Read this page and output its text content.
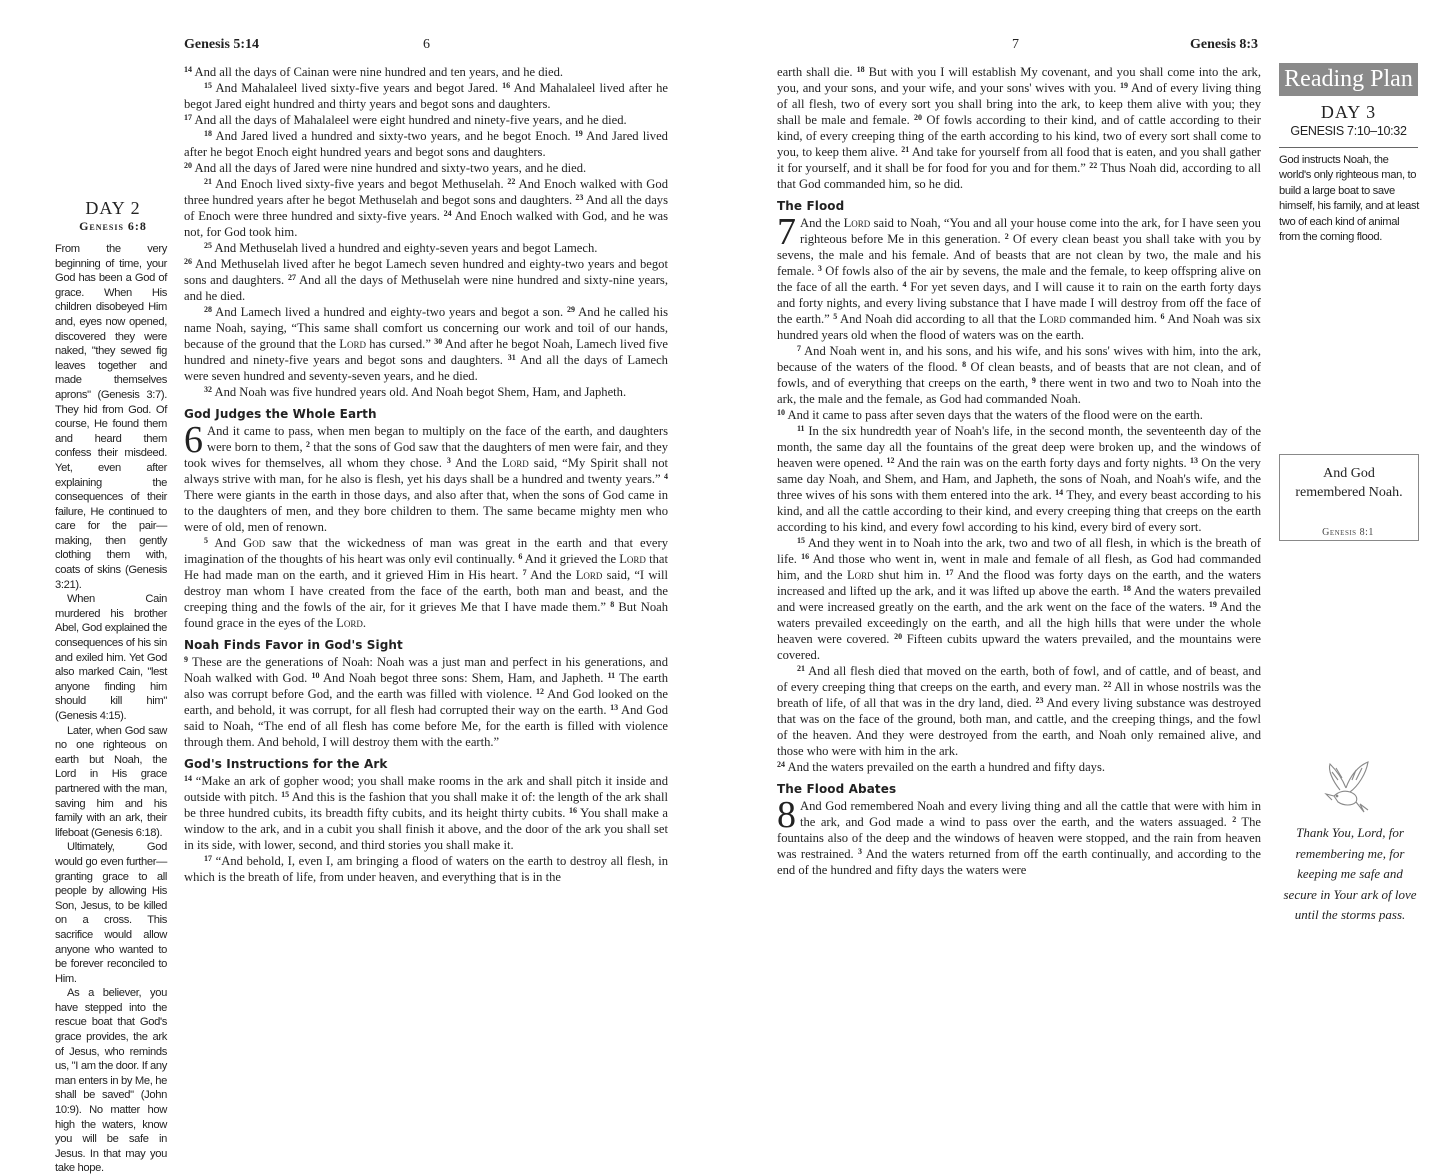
Genesis 5:14	6
DAY 2
Genesis 6:8

From the very beginning of time, your God has been a God of grace. When His children disobeyed Him and, eyes now opened, discovered they were naked, "they sewed fig leaves together and made themselves aprons" (Genesis 3:7). They hid from God. Of course, He found them and heard them confess their misdeed. Yet, even after explaining the consequences of their failure, He continued to care for the pair—making, then gently clothing them with, coats of skins (Genesis 3:21).

When Cain murdered his brother Abel, God explained the consequences of his sin and exiled him. Yet God also marked Cain, "lest anyone finding him should kill him" (Genesis 4:15).

Later, when God saw no one righteous on earth but Noah, the Lord in His grace partnered with the man, saving him and his family with an ark, their lifeboat (Genesis 6:18).

Ultimately, God would go even further—granting grace to all people by allowing His Son, Jesus, to be killed on a cross. This sacrifice would allow anyone who wanted to be forever reconciled to Him.

As a believer, you have stepped into the rescue boat that God's grace provides, the ark of Jesus, who reminds us, "I am the door. If any man enters in by Me, he shall be saved" (John 10:9). No matter how high the waters, know you will be safe in Jesus. In that may you take hope.

$^{14}$ And all the days of Cainan were nine hundred and ten years, and he died.

$^{15}$ And Mahalaleel lived sixty-five years and begot Jared. $^{16}$ And Mahalaleel lived after he begot Jared eight hundred and thirty years and begot sons and daughters.

$^{17}$ And all the days of Mahalaleel were eight hundred and ninety-five years, and he died.

$^{18}$ And Jared lived a hundred and sixty-two years, and he begot Enoch. $^{19}$ And Jared lived after he begot Enoch eight hundred years and begot sons and daughters.

$^{20}$ And all the days of Jared were nine hundred and sixty-two years, and he died.

$^{21}$ And Enoch lived sixty-five years and begot Methuselah. $^{22}$ And Enoch walked with God three hundred years after he begot Methuselah and begot sons and daughters. $^{23}$ And all the days of Enoch were three hundred and sixty-five years. $^{24}$ And Enoch walked with God, and he was not, for God took him.

$^{25}$ And Methuselah lived a hundred and eighty-seven years and begot Lamech.

$^{26}$ And Methuselah lived after he begot Lamech seven hundred and eighty-two years and begot sons and daughters. $^{27}$ And all the days of Methuselah were nine hundred and sixty-nine years, and he died.

$^{28}$ And Lamech lived a hundred and eighty-two years and begot a son. $^{29}$ And he called his name Noah, saying, “This same shall comfort us concerning our work and toil of our hands, because of the ground that the Lord has cursed.” $^{30}$ And after he begot Noah, Lamech lived five hundred and ninety-five years and begot sons and daughters. $^{31}$ And all the days of Lamech were seven hundred and seventy-seven years, and he died.

$^{32}$ And Noah was five hundred years old. And Noah begot Shem, Ham, and Japheth.

God Judges the Whole Earth

6 And it came to pass, when men began to multiply on the face of the earth, and daughters were born to them, $^2$ that the sons of God saw that the daughters of men were fair, and they took wives for themselves, all whom they chose. $^3$ And the Lord said, “My Spirit shall not always strive with man, for he also is flesh, yet his days shall be a hundred and twenty years.” $^4$ There were giants in the earth in those days, and also after that, when the sons of God came in to the daughters of men, and they bore children to them. The same became mighty men who were of old, men of renown.

$^5$ And God saw that the wickedness of man was great in the earth and that every imagination of the thoughts of his heart was only evil continually. $^6$ And it grieved the Lord that He had made man on the earth, and it grieved Him in His heart. $^7$ And the Lord said, “I will destroy man whom I have created from the face of the earth, both man and beast, and the creeping thing and the fowls of the air, for it grieves Me that I have made them.” $^8$ But Noah found grace in the eyes of the Lord.

Noah Finds Favor in God's Sight

$^9$ These are the generations of Noah: Noah was a just man and perfect in his generations, and Noah walked with God. $^{10}$ And Noah begot three sons: Shem, Ham, and Japheth. $^{11}$ The earth also was corrupt before God, and the earth was filled with violence. $^{12}$ And God looked on the earth, and behold, it was corrupt, for all flesh had corrupted their way on the earth. $^{13}$ And God said to Noah, “The end of all flesh has come before Me, for the earth is filled with violence through them. And behold, I will destroy them with the earth.”

God's Instructions for the Ark

$^{14}$ “Make an ark of gopher wood; you shall make rooms in the ark and shall pitch it inside and outside with pitch. $^{15}$ And this is the fashion that you shall make it of: the length of the ark shall be three hundred cubits, its breadth fifty cubits, and its height thirty cubits. $^{16}$ You shall make a window to the ark, and in a cubit you shall finish it above, and the door of the ark you shall set in its side, with lower, second, and third stories you shall make it.

$^{17}$ “And behold, I, even I, am bringing a flood of waters on the earth to destroy all flesh, in which is the breath of life, from under heaven, and everything that is in the

7	Genesis 8:3

earth shall die. $^{18}$ But with you I will establish My covenant, and you shall come into the ark, you, and your sons, and your wife, and your sons' wives with you. $^{19}$ And of every living thing of all flesh, two of every sort you shall bring into the ark, to keep them alive with you; they shall be male and female. $^{20}$ Of fowls according to their kind, and of cattle according to their kind, of every creeping thing of the earth according to his kind, two of every sort shall come to you, to keep them alive. $^{21}$ And take for yourself from all food that is eaten, and you shall gather it for yourself, and it shall be for food for you and for them.” $^{22}$ Thus Noah did, according to all that God commanded him, so he did.

The Flood

7 And the Lord said to Noah, “You and all your house come into the ark, for I have seen you righteous before Me in this generation. $^2$ Of every clean beast you shall take with you by sevens, the male and his female. And of beasts that are not clean by two, the male and his female. $^3$ Of fowls also of the air by sevens, the male and the female, to keep offspring alive on the face of all the earth. $^4$ For yet seven days, and I will cause it to rain on the earth forty days and forty nights, and every living substance that I have made I will destroy from off the face of the earth.” $^5$ And Noah did according to all that the Lord commanded him. $^6$ And Noah was six hundred years old when the flood of waters was on the earth.

$^7$ And Noah went in, and his sons, and his wife, and his sons' wives with him, into the ark, because of the waters of the flood. $^8$ Of clean beasts, and of beasts that are not clean, and of fowls, and of everything that creeps on the earth, $^9$ there went in two and two to Noah into the ark, the male and the female, as God had commanded Noah.

$^{10}$ And it came to pass after seven days that the waters of the flood were on the earth.

$^{11}$ In the six hundredth year of Noah's life, in the second month, the seventeenth day of the month, the same day all the fountains of the great deep were broken up, and the windows of heaven were opened. $^{12}$ And the rain was on the earth forty days and forty nights. $^{13}$ On the very same day Noah, and Shem, and Ham, and Japheth, the sons of Noah, and Noah's wife, and the three wives of his sons with them entered into the ark. $^{14}$ They, and every beast according to his kind, and all the cattle according to their kind, and every creeping thing that creeps on the earth according to his kind, and every fowl according to his kind, every bird of every sort.

$^{15}$ And they went in to Noah into the ark, two and two of all flesh, in which is the breath of life. $^{16}$ And those who went in, went in male and female of all flesh, as God had commanded him, and the Lord shut him in. $^{17}$ And the flood was forty days on the earth, and the waters increased and lifted up the ark, and it was lifted up above the earth. $^{18}$ And the waters prevailed and were increased greatly on the earth, and the ark went on the face of the waters. $^{19}$ And the waters prevailed exceedingly on the earth, and all the high hills that were under the whole heaven were covered. $^{20}$ Fifteen cubits upward the waters prevailed, and the mountains were covered.

$^{21}$ And all flesh died that moved on the earth, both of fowl, and of cattle, and of beast, and of every creeping thing that creeps on the earth, and every man. $^{22}$ All in whose nostrils was the breath of life, of all that was in the dry land, died. $^{23}$ And every living substance was destroyed that was on the face of the ground, both man, and cattle, and the creeping things, and the fowl of the heaven. And they were destroyed from the earth, and Noah only remained alive, and those who were with him in the ark.

$^{24}$ And the waters prevailed on the earth a hundred and fifty days.

The Flood Abates

8 And God remembered Noah and every living thing and all the cattle that were with him in the ark, and God made a wind to pass over the earth, and the waters assuaged. $^2$ The fountains also of the deep and the windows of heaven were stopped, and the rain from heaven was restrained. $^3$ And the waters returned from off the earth continually, and according to the end of the hundred and fifty days the waters were

Reading Plan
DAY 3
GENESIS 7:10–10:32
God instructs Noah, the world's only righteous man, to build a large boat to save himself, his family, and at least two of each kind of animal from the coming flood.
And God remembered Noah.
Genesis 8:1
Thank You, Lord, for remembering me, for keeping me safe and secure in Your ark of love until the storms pass.
